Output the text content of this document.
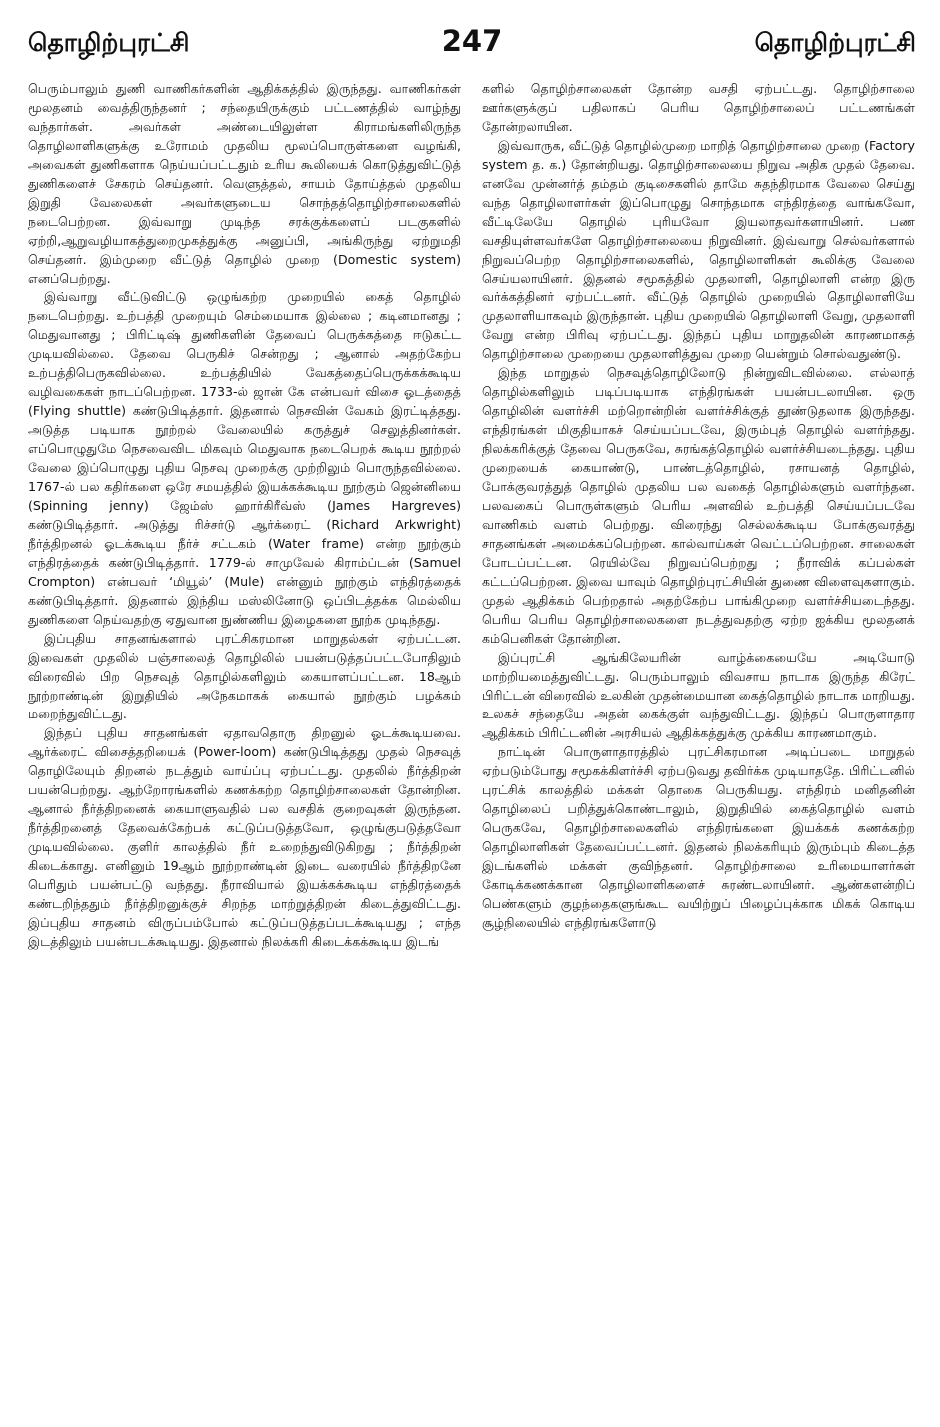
தொழிற்புரட்சி	247	தொழிற்புரட்சி

பெரும்பாலும் துணி வாணிகர்களின் ஆதிக்கத்தில் இருந்தது. வாணிகர்கள் மூலதனம் வைத்திருந்தனர் ; சந்தையிருக்கும் பட்டணத்தில் வாழ்ந்து வந்தார்கள். அவர்கள் அண்டையிலுள்ள கிராமங்களிலிருந்த தொழிலாளிகளுக்கு உரோமம் முதலிய மூலப்பொருள்களை வழங்கி, அவைகள் துணிகளாக நெய்யப்பட்டதும் உரிய கூலியைக் கொடுத்துவிட்டுத் துணிகளைச் சேகரம் செய்தனர். வெளுத்தல், சாயம் தோய்த்தல் முதலிய இறுதி வேலைகள் அவர்களுடைய சொந்தத்தொழிற்சாலைகளில் நடைபெற்றன. இவ்வாறு முடிந்த சரக்குக்களைப் படகுகளில் ஏற்றி,ஆறுவழியாகத்துறைமுகத்துக்கு அனுப்பி, அங்கிருந்து ஏற்றுமதி செய்தனர். இம்முறை வீட்டுத் தொழில் முறை (Domestic system) எனப்பெற்றது.

இவ்வாறு வீட்டுவிட்டு ஒழுங்கற்ற முறையில் கைத் தொழில் நடைபெற்றது. உற்பத்தி முறையும் செம்மையாக இல்லை ; கடினமானது ; மெதுவானது ; பிரிட்டிஷ் துணிகளின் தேவைப் பெருக்கத்தை ஈடுகட்ட முடியவில்லை. தேவை பெருகிச் சென்றது ; ஆனால் அதற்கேற்ப உற்பத்திபெருகவில்லை. உற்பத்தியில் வேகத்தைப்பெருக்கக்கூடிய வழிவகைகள் நாடப்பெற்றன. 1733-ல் ஜான் கே என்பவர் விசை ஓடத்தைத் (Flying shuttle) கண்டுபிடித்தார். இதனால் நெசவின் வேகம் இரட்டித்தது. அடுத்த படியாக நூற்றல் வேலையில் கருத்துச் செலுத்தினர்கள். எப்பொழுதுமே நெசவைவிட மிகவும் மெதுவாக நடைபெறக் கூடிய நூற்றல் வேலை இப்பொழுது புதிய நெசவு முறைக்கு முற்றிலும் பொருந்தவில்லை. 1767-ல் பல கதிர்களை ஒரே சமயத்தில் இயக்கக்கூடிய நூற்கும் ஜென்னியை (Spinning jenny) ஜேம்ஸ் ஹார்கிரீவ்ஸ் (James Hargreves) கண்டுபிடித்தார். அடுத்து ரிச்சர்டு ஆர்க்ரைட் (Richard Arkwright) நீர்த்திறனல் ஓடக்கூடிய நீர்ச் சட்டகம் (Water frame) என்ற நூற்கும் எந்திரத்தைக் கண்டுபிடித்தார். 1779-ல் சாமுவேல் கிராம்ப்டன் (Samuel Crompton) என்பவர் ‘மியூல்’ (Mule) என்னும் நூற்கும் எந்திரத்தைக் கண்டுபிடித்தார். இதனால் இந்திய மஸ்லினோடு ஒப்பிடத்தக்க மெல்லிய துணிகளை நெய்வதற்கு ஏதுவான நுண்ணிய இழைகளை நூற்க முடிந்தது.

இப்புதிய சாதனங்களால் புரட்சிகரமான மாறுதல்கள் ஏற்பட்டன. இவைகள் முதலில் பஞ்சாலைத் தொழிலில் பயன்படுத்தப்பட்டபோதிலும் விரைவில் பிற நெசவுத் தொழில்களிலும் கையாளப்பட்டன. 18ஆம் நூற்றாண்டின் இறுதியில் அநேகமாகக் கையால் நூற்கும் பழக்கம் மறைந்துவிட்டது.

இந்தப் புதிய சாதனங்கள் ஏதாவதொரு திறனுல் ஓடக்கூடியவை. ஆர்க்ரைட் விசைத்தறியைக் (Power-loom) கண்டுபிடித்தது முதல் நெசவுத் தொழிலேயும் திறனல் நடத்தும் வாய்ப்பு ஏற்பட்டது. முதலில் நீர்த்திறன் பயன்பெற்றது. ஆற்றோரங்களில் கணக்கற்ற தொழிற்சாலைகள் தோன்றின. ஆனால் நீர்த்திறனைக் கையாளுவதில் பல வசதிக் குறைவுகள் இருந்தன. நீர்த்திறனைத் தேவைக்கேற்பக் கட்டுப்படுத்தவோ, ஒழுங்குபடுத்தவோ முடியவில்லை. குளிர் காலத்தில் நீர் உறைந்துவிடுகிறது ; நீர்த்திறன் கிடைக்காது. எனினும் 19ஆம் நூற்றாண்டின் இடை வரையில் நீர்த்திறனே பெரிதும் பயன்பட்டு வந்தது. நீராவியால் இயக்கக்கூடிய எந்திரத்தைக் கண்டறிந்ததும் நீர்த்திறனுக்குச் சிறந்த மாற்றுத்திறன் கிடைத்துவிட்டது. இப்புதிய சாதனம் விருப்பம்போல் கட்டுப்படுத்தப்படக்கூடியது ; எந்த இடத்திலும் பயன்படக்கூடியது. இதனால் நிலக்கரி கிடைக்கக்கூடிய இடங்

களில் தொழிற்சாலைகள் தோன்ற வசதி ஏற்பட்டது. தொழிற்சாலை ஊர்களுக்குப் பதிலாகப் பெரிய தொழிற்சாலைப் பட்டணங்கள் தோன்றலாயின.

இவ்வாருக, வீட்டுத் தொழில்முறை மாறித் தொழிற்சாலை முறை (Factory system த. க.) தோன்றியது. தொழிற்சாலையை நிறுவ அதிக முதல் தேவை. எனவே முன்னர்த் தம்தம் குடிசைகளில் தாமே சுதந்திரமாக வேலை செய்து வந்த தொழிலாளர்கள் இப்பொழுது சொந்தமாக எந்திரத்தை வாங்கவோ, வீட்டிலேயே தொழில் புரியவோ இயலாதவர்களாயினர். பண வசதியுள்ளவர்களே தொழிற்சாலையை நிறுவினர். இவ்வாறு செல்வர்களால் நிறுவப்பெற்ற தொழிற்சாலைகளில், தொழிலாளிகள் கூலிக்கு வேலை செய்யலாயினர். இதனல் சமூகத்தில் முதலாளி, தொழிலாளி என்ற இரு வர்க்கத்தினர் ஏற்பட்டனர். வீட்டுத் தொழில் முறையில் தொழிலாளியே முதலாளியாகவும் இருந்தான். புதிய முறையில் தொழிலாளி வேறு, முதலாளி வேறு என்ற பிரிவு ஏற்பட்டது. இந்தப் புதிய மாறுதலின் காரணமாகத் தொழிற்சாலை முறையை முதலாளித்துவ முறை யென்றும் சொல்வதுண்டு.

இந்த மாறுதல் நெசவுத்தொழிலோடு நின்றுவிடவில்லை. எல்லாத் தொழில்களிலும் படிப்படியாக எந்திரங்கள் பயன்படலாயின. ஒரு தொழிலின் வளர்ச்சி மற்றொன்றின் வளர்ச்சிக்குத் தூண்டுதலாக இருந்தது. எந்திரங்கள் மிகுதியாகச் செய்யப்படவே, இரும்புத் தொழில் வளர்ந்தது. நிலக்கரிக்குத் தேவை பெருகவே, சுரங்கத்தொழில் வளர்ச்சியடைந்தது. புதிய முறையைக் கையாண்டு, பாண்டத்தொழில், ரசாயனத் தொழில், போக்குவரத்துத் தொழில் முதலிய பல வகைத் தொழில்களும் வளர்ந்தன. பலவகைப் பொருள்களும் பெரிய அளவில் உற்பத்தி செய்யப்படவே வாணிகம் வளம் பெற்றது. விரைந்து செல்லக்கூடிய போக்குவரத்து சாதனங்கள் அமைக்கப்பெற்றன. கால்வாய்கள் வெட்டப்பெற்றன. சாலைகள் போடப்பட்டன. ரெயில்வே நிறுவப்பெற்றது ; நீராவிக் கப்பல்கள் கட்டப்பெற்றன. இவை யாவும் தொழிற்புரட்சியின் துணை விளைவுகளாகும். முதல் ஆதிக்கம் பெற்றதால் அதற்கேற்ப பாங்கிமுறை வளர்ச்சியடைந்தது. பெரிய பெரிய தொழிற்சாலைகளை நடத்துவதற்கு ஏற்ற ஐக்கிய மூலதனக் கம்பெனிகள் தோன்றின.

இப்புரட்சி ஆங்கிலேயரின் வாழ்க்கையையே அடியோடு மாற்றியமைத்துவிட்டது. பெரும்பாலும் விவசாய நாடாக இருந்த கிரேட் பிரிட்டன் விரைவில் உலகின் முதன்மையான கைத்தொழில் நாடாக மாறியது. உலகச் சந்தையே அதன் கைக்குள் வந்துவிட்டது. இந்தப் பொருளாதார ஆதிக்கம் பிரிட்டனின் அரசியல் ஆதிக்கத்துக்கு முக்கிய காரணமாகும்.

நாட்டின் பொருளாதாரத்தில் புரட்சிகரமான அடிப்படை மாறுதல் ஏற்படும்போது சமூகக்கிளர்ச்சி ஏற்படுவது தவிர்க்க முடியாததே. பிரிட்டனில் புரட்சிக் காலத்தில் மக்கள் தொகை பெருகியது. எந்திரம் மனிதனின் தொழிலைப் பறித்துக்கொண்டாலும், இறுதியில் கைத்தொழில் வளம் பெருகவே, தொழிற்சாலைகளில் எந்திரங்களை இயக்கக் கணக்கற்ற தொழிலாளிகள் தேவைப்பட்டனர். இதனல் நிலக்கரியும் இரும்பும் கிடைத்த இடங்களில் மக்கள் குவிந்தனர். தொழிற்சாலை உரிமையாளர்கள் கோடிக்கணக்கான தொழிலாளிகளைச் சுரண்டலாயினர். ஆண்களன்றிப் பெண்களும் குழந்தைகளுங்கூட வயிற்றுப் பிழைப்புக்காக மிகக் கொடிய சூழ்நிலையில் எந்திரங்களோடு
